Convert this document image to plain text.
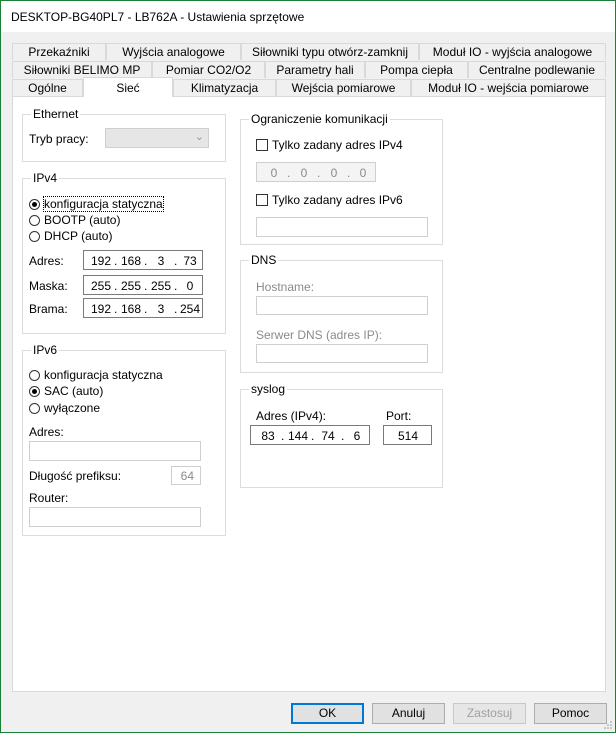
DESKTOP-BG40PL7 - LB762A - Ustawienia sprzętowe
Przekaźniki	Wyjścia analogowe	Siłowniki typu otwórz-zamknij	Moduł IO - wyjścia analogowe
Siłowniki BELIMO MP	Pomiar CO2/O2	Parametry hali	Pompa ciepła	Centralne podlewanie
Ogólne	Sieć	Klimatyzacja	Wejścia pomiarowe	Moduł IO - wejścia pomiarowe
Ethernet
Tryb pracy:	⌄
IPv4
konfiguracja statyczna
BOOTP (auto)
DHCP (auto)
Adres: 192 . 168 . 3 . 73
Maska: 255 . 255 . 255 . 0
Brama: 192 . 168 . 3 . 254
IPv6
konfiguracja statyczna
SAC (auto)
wyłączone
Adres:
Długość prefiksu:	64
Router:
Ograniczenie komunikacji
Tylko zadany adres IPv4
0 . 0 . 0 . 0
Tylko zadany adres IPv6
DNS
Hostname:
Serwer DNS (adres IP):
syslog
Adres (IPv4):
83 . 144 . 74 . 6
Port:
514
OK	Anuluj	Zastosuj	Pomoc
